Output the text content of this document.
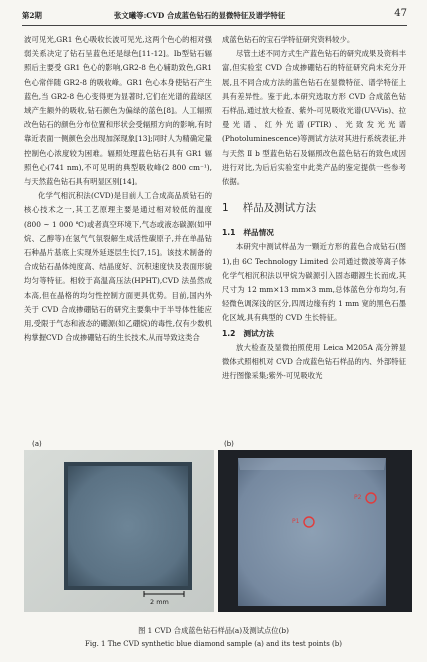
第2期	张文曦等:CVD 合成蓝色钻石的显微特征及谱学特征	47

波可见光,GR1 色心吸收长波可见光,这两个色心的相对强弱关系决定了钻石呈蓝色还是绿色[11-12]。Ib型钻石辐照后主要受 GR1 色心的影响,GR2-8 色心辅助致色,GR1 色心常伴随 GR2-8 的吸收峰。GR1 色心本身使钻石产生蓝色,当 GR2-8 色心变得更为显著时,它们在光谱的蓝绿区域产生额外的吸收,钻石颜色为偏绿的蓝色[8]。人工辐照改色钻石的颜色分布位置和形状会受辐照方向的影响,有时靠近表面一侧颜色会出现加深现象[13];同时人为精确定量控制色心浓度较为困难。辐照处理蓝色钻石具有 GR1 辐照色心(741 nm),不可见明的典型吸收峰(2 800 cm⁻¹),与天然蓝色钻石具有明显区别[14]。

化学气相沉积法(CVD)是目前人工合成高品质钻石的核心技术之一,其工艺原理主要是通过相对较低的温度(800 ~ 1 000 ℃)或者真空环境下,气态或液态碳源(如甲烷、乙醇等)在氢气气氛裂解生成活性碳原子,并在单晶钻石种晶片基底上实现外延逐层生长[7,15]。该技术制备的合成钻石晶体纯度高、结晶度好、沉积速度快及表面形貌均匀等特征。相较于高温高压法(HPHT),CVD 法虽然成本高,但在晶格的均匀性控制方面更具优势。目前,国内外关于 CVD 合成掺硼钻石的研究主要集中于半导体性能应用,受限于气态和液态的硼源(如乙硼烷)的毒性,仅有少数机构掌握CVD 合成掺硼钻石的生长技术,从而导致这类合

成蓝色钻石的宝石学特征研究资料较少。

尽管土述不同方式生产蓝色钻石的研究成果及资料丰富,但实验室 CVD 合成掺硼钻石的特征研究尚未充分开展,且不同合成方法的蓝色钻石在显微特征、谱学特征上具有差异性。鉴于此,本研究选取方形 CVD 合成蓝色钻石样品,通过放大检查、紫外-可见吸收光谱(UV-Vis)、拉曼光谱、红外光谱(FTIR)、光致发光光谱(Photoluminescence)等测试方法对其进行系统表征,并与天然 Ⅱ b 型蓝色钻石及辐照改色蓝色钻石的致色成因进行对比,为后后实验室中此类产品的鉴定提供一些参考依据。

1 样品及测试方法
1.1 样品情况

本研究中测试样品为一颗近方形的蓝色合成钻石(图 1),由 6C Technology Limited 公司通过微波等离子体化学气相沉积法以甲烷为碳源引入固态硼源生长而成,其尺寸为 12 mm×13 mm×3 mm,总体蓝色分布均匀,有轻微色调深浅的区分,四周边缘有约 1 mm 宽的黑色石墨化区域,具有典型的 CVD 生长特征。

1.2 测试方法

放大检查及显微拍照使用 Leica M205A 高分辨显微体式照相机对 CVD 合成蓝色钻石样品的内、外部特征进行图像采集;紫外-可见吸收光

(a)	(b)
2 mm
P1
P2
图 1 CVD 合成蓝色钻石样品(a)及测试点位(b)
Fig. 1 The CVD synthetic blue diamond sample (a) and its test points (b)
